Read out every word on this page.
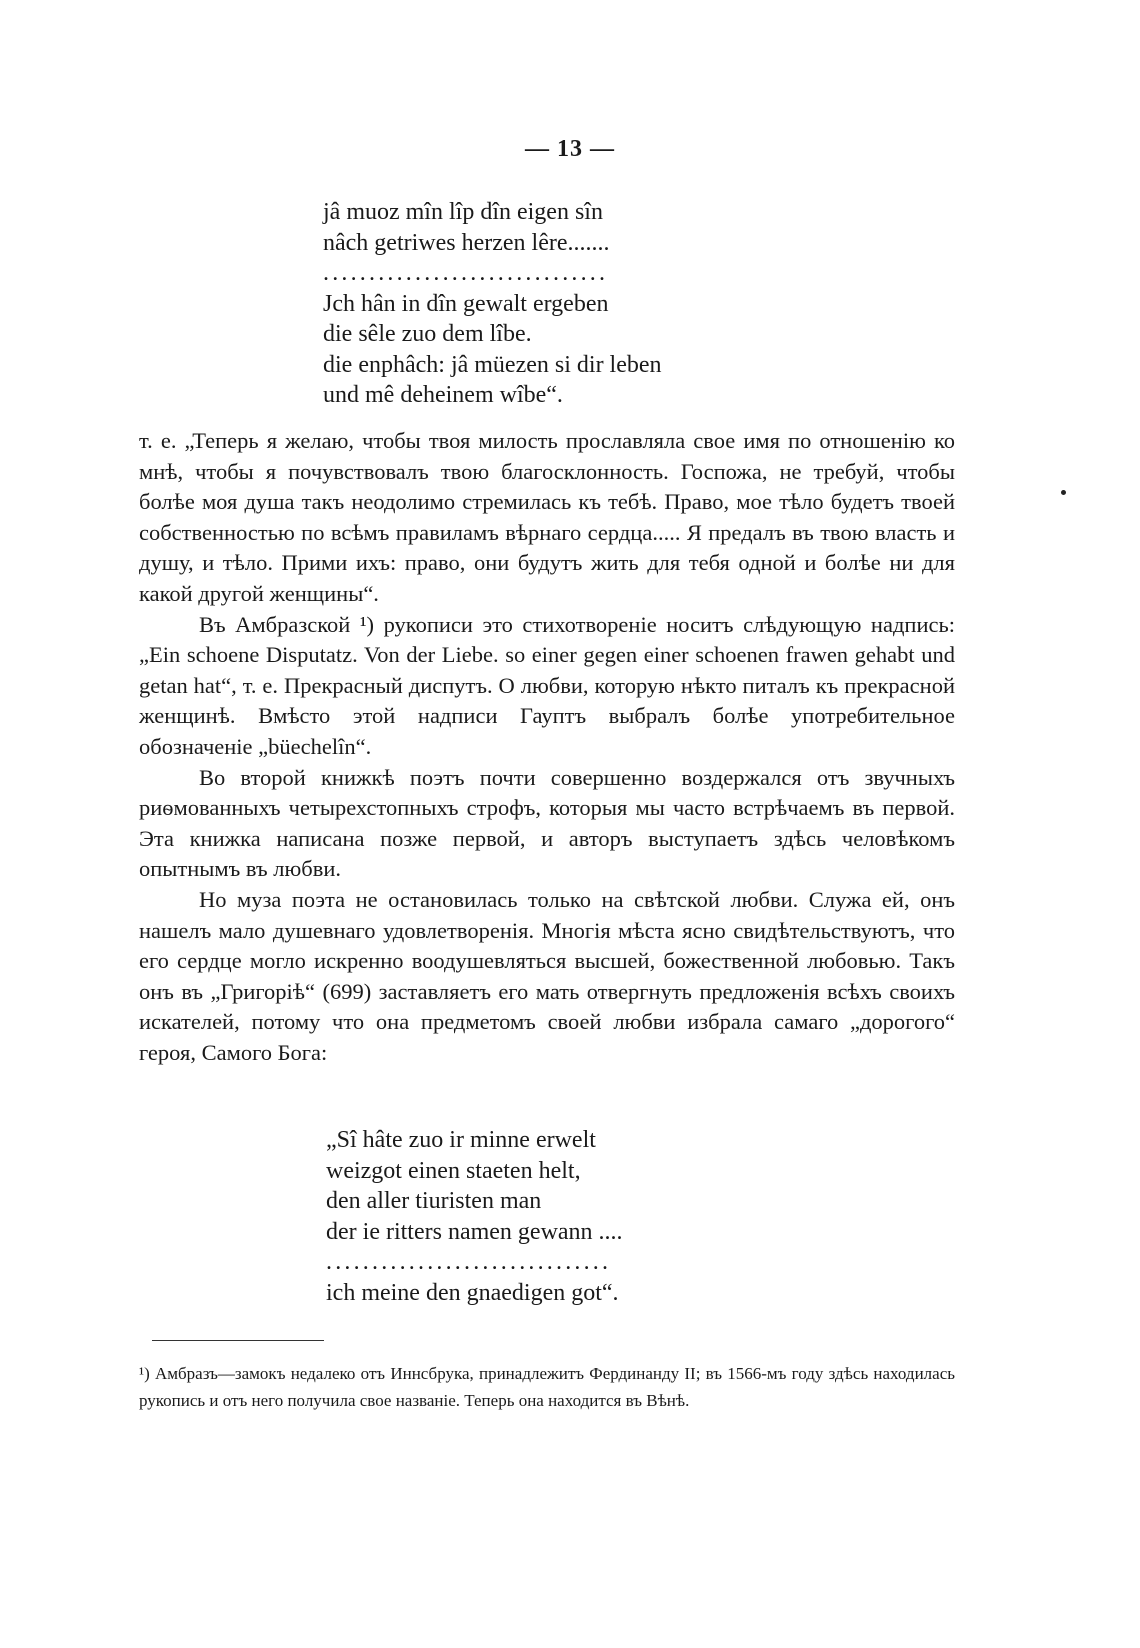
— 13 —
jâ muoz mîn lîp dîn eigen sîn
nâch getriwes herzen lêre.......
...............................
Jch hân in dîn gewalt ergeben
die sêle zuo dem lîbe.
die enphâch: jâ müezen si dir leben
und mê deheinem wîbe“.

т. е. „Теперь я желаю, чтобы твоя милость прославляла свое имя по отношенію ко мнѣ, чтобы я почувствовалъ твою благосклонность. Госпожа, не требуй, чтобы болѣе моя душа такъ неодолимо стремилась къ тебѣ. Право, мое тѣло будетъ твоей собственностью по всѣмъ правиламъ вѣрнаго сердца..... Я предалъ въ твою власть и душу, и тѣло. Прими ихъ: право, они будутъ жить для тебя одной и болѣе ни для какой другой женщины“.

Въ Амбразской ¹) рукописи это стихотвореніе носитъ слѣдующую надпись: „Ein schoene Disputatz. Von der Liebe. so einer gegen einer schoenen frawen gehabt und getan hat“, т. е. Прекрасный диспутъ. О любви, которую нѣкто питалъ къ прекрасной женщинѣ. Вмѣсто этой надписи Гауптъ выбралъ болѣе употребительное обозначеніе „büechelîn“.

Во второй книжкѣ поэтъ почти совершенно воздержался отъ звучныхъ риѳмованныхъ четырехстопныхъ строфъ, которыя мы часто встрѣчаемъ въ первой. Эта книжка написана позже первой, и авторъ выступаетъ здѣсь человѣкомъ опытнымъ въ любви.

Но муза поэта не остановилась только на свѣтской любви. Служа ей, онъ нашелъ мало душевнаго удовлетворенія. Многія мѣста ясно свидѣтельствуютъ, что его сердце могло искренно воодушевляться высшей, божественной любовью. Такъ онъ въ „Григоріѣ“ (699) заставляетъ его мать отвергнуть предложенія всѣхъ своихъ искателей, потому что она предметомъ своей любви избрала самаго „дорогого“ героя, Самого Бога:

„Sî hâte zuo ir minne erwelt
weizgot einen staeten helt,
den aller tiuristen man
der ie ritters namen gewann ....
...............................
ich meine den gnaedigen got“.

¹) Амбразъ—замокъ недалеко отъ Иннсбрука, принадлежитъ Фердинанду II; въ 1566-мъ году здѣсь находилась рукопись и отъ него получила свое названіе. Теперь она находится въ Вѣнѣ.
